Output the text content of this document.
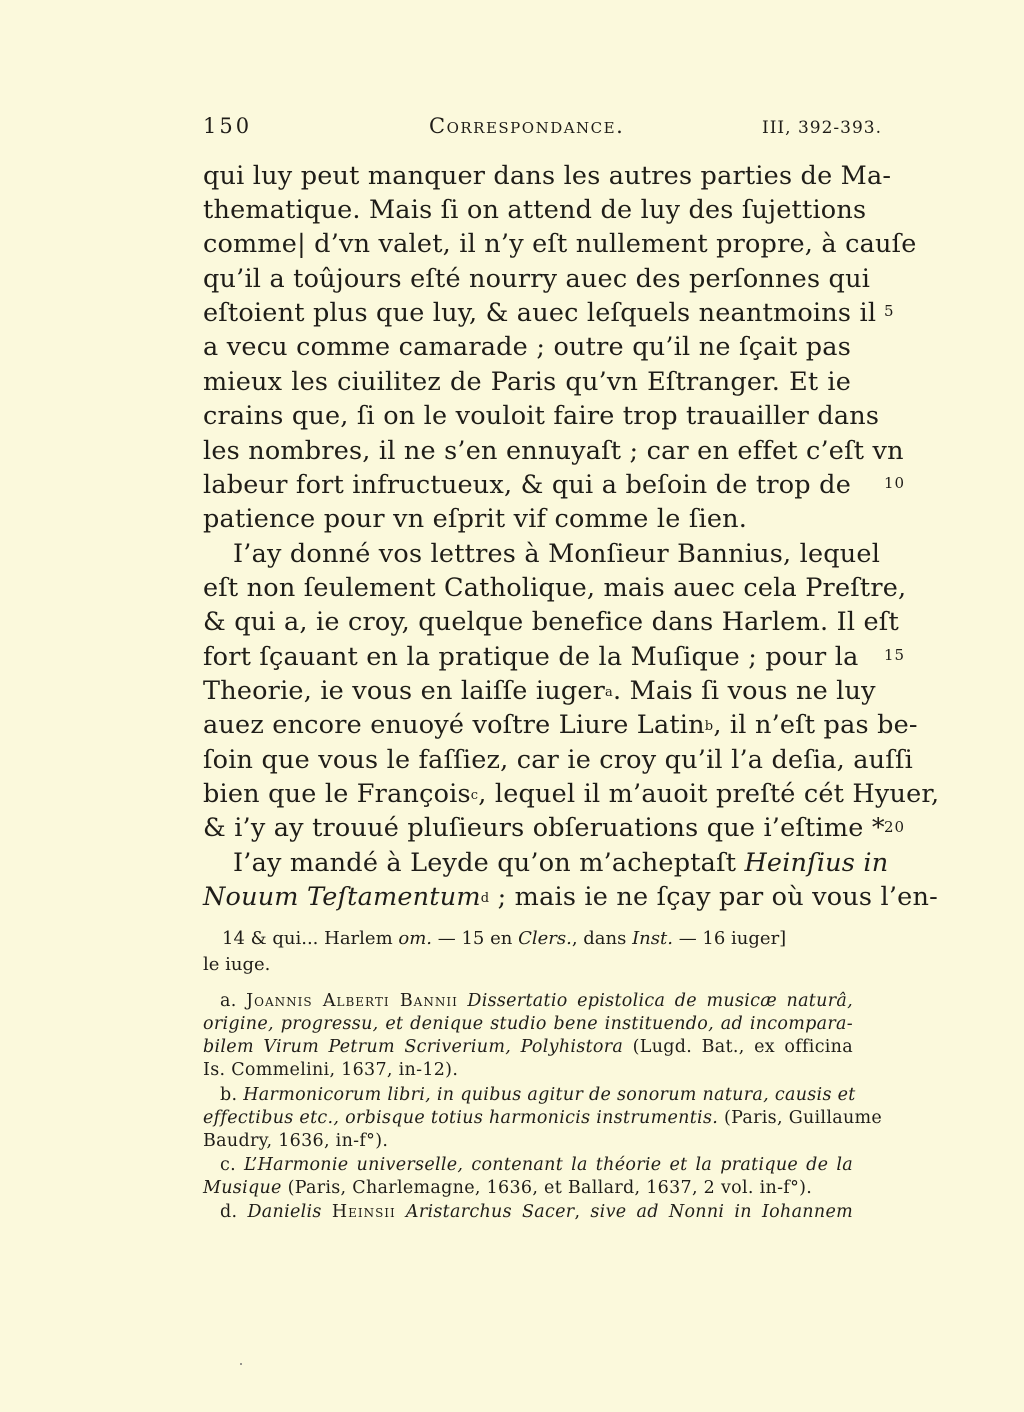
150	Correspondance.	III, 392-393.
qui luy peut manquer dans les autres parties de Ma-
thematique. Mais ſi on attend de luy des ſujettions
comme| d’vn valet, il n’y eſt nullement propre, à cauſe
qu’il a toûjours eſté nourry auec des perſonnes qui
eſtoient plus que luy, & auec leſquels neantmoins il
a vecu comme camarade ; outre qu’il ne ſçait pas
mieux les ciuilitez de Paris qu’vn Eſtranger. Et ie
crains que, ſi on le vouloit faire trop trauailler dans
les nombres, il ne s’en ennuyaſt ; car en effet c’eſt vn
labeur fort infructueux, & qui a beſoin de trop de
patience pour vn eſprit vif comme le ſien.
I’ay donné vos lettres à Monſieur Bannius, lequel
eſt non ſeulement Catholique, mais auec cela Preſtre,
& qui a, ie croy, quelque benefice dans Harlem. Il eſt
fort ſçauant en la pratique de la Muſique ; pour la
Theorie, ie vous en laiſſe iuger$^a$. Mais ſi vous ne luy
auez encore enuoyé voſtre Liure Latin$^b$, il n’eſt pas be-
ſoin que vous le faſſiez, car ie croy qu’il l’a deſia, auſſi
bien que le François$^c$, lequel il m’auoit preſté cét Hyuer,
& i’y ay trouué pluſieurs obſeruations que i’eſtime *
I’ay mandé à Leyde qu’on m’acheptaſt Heinſius in
Nouum Teſtamentum$^d$ ; mais ie ne ſçay par où vous l’en-
5
10
15
20
14 & qui... Harlem om. — 15 en Clers., dans Inst. — 16 iuger]
le iuge.
a. Joannis Alberti Bannii Dissertatio epistolica de musicæ naturâ,
origine, progressu, et denique studio bene instituendo, ad incompara-
bilem Virum Petrum Scriverium, Polyhistora (Lugd. Bat., ex officina
Is. Commelini, 1637, in-12).
b. Harmonicorum libri, in quibus agitur de sonorum natura, causis et
effectibus etc., orbisque totius harmonicis instrumentis. (Paris, Guillaume
Baudry, 1636, in-f°).
c. L’Harmonie universelle, contenant la théorie et la pratique de la
Musique (Paris, Charlemagne, 1636, et Ballard, 1637, 2 vol. in-f°).
d. Danielis Heinsii Aristarchus Sacer, sive ad Nonni in Iohannem
